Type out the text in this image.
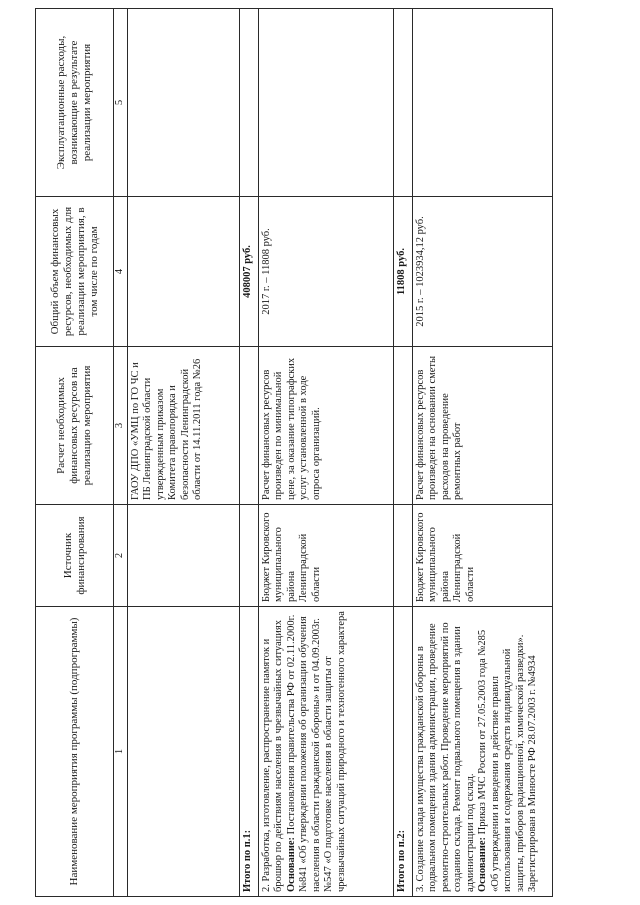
Наименование мероприятия программы (подпрограммы)	Источник финансирования	Расчет необходимых финансовых ресурсов на реализацию мероприятия	Общий объем финансовых ресурсов, необходимых для реализации мероприятия, в том числе по годам	Эксплуатационные расходы, возникающие в результате реализации мероприятия
1	2	3	4	5
		ГАОУ ДПО «УМЦ по ГО ЧС и ПБ Ленинградской области утвержденным приказом Комитета правопорядка и безопасности Ленинградской области от 14.11.2011 года №26		
Итого по п.1:			408007 руб.	
2. Разработка, изготовление, распространение памяток и брошюр по действиям населения в чрезвычайных ситуациях Основание: Постановления правительства РФ от 02.11.2000г. №841 «Об утверждении положения об организации обучения населения в области гражданской обороны» и от 04.09.2003г. №547 «О подготовке населения в области защиты от чрезвычайных ситуаций природного и техногенного характера	Бюджет Кировского муниципального района Ленинградской области	Расчет финансовых ресурсов произведен по минимальной цене, за оказание типографских услуг установленной в ходе опроса организаций.	2017 г. – 11808 руб.	
Итого по п.2:			11808 руб.	
3. Создание склада имущества гражданской обороны в подвальном помещении здания администрации, проведение ремонтно-строительных работ. Проведение мероприятий по созданию склада. Ремонт подвального помещения в здании администрации под склад. Основание: Приказ МЧС России от 27.05.2003 года №285 «Об утверждении и введении в действие правил использования и содержания средств индивидуальной защиты, приборов радиационной, химической разведки». Зарегистрирован в Минюсте РФ 28.07.2003 г. №4934	Бюджет Кировского муниципального района Ленинградской области	Расчет финансовых ресурсов произведен на основании сметы расходов на проведение ремонтных работ	2015 г. – 1023934,12 руб.	
